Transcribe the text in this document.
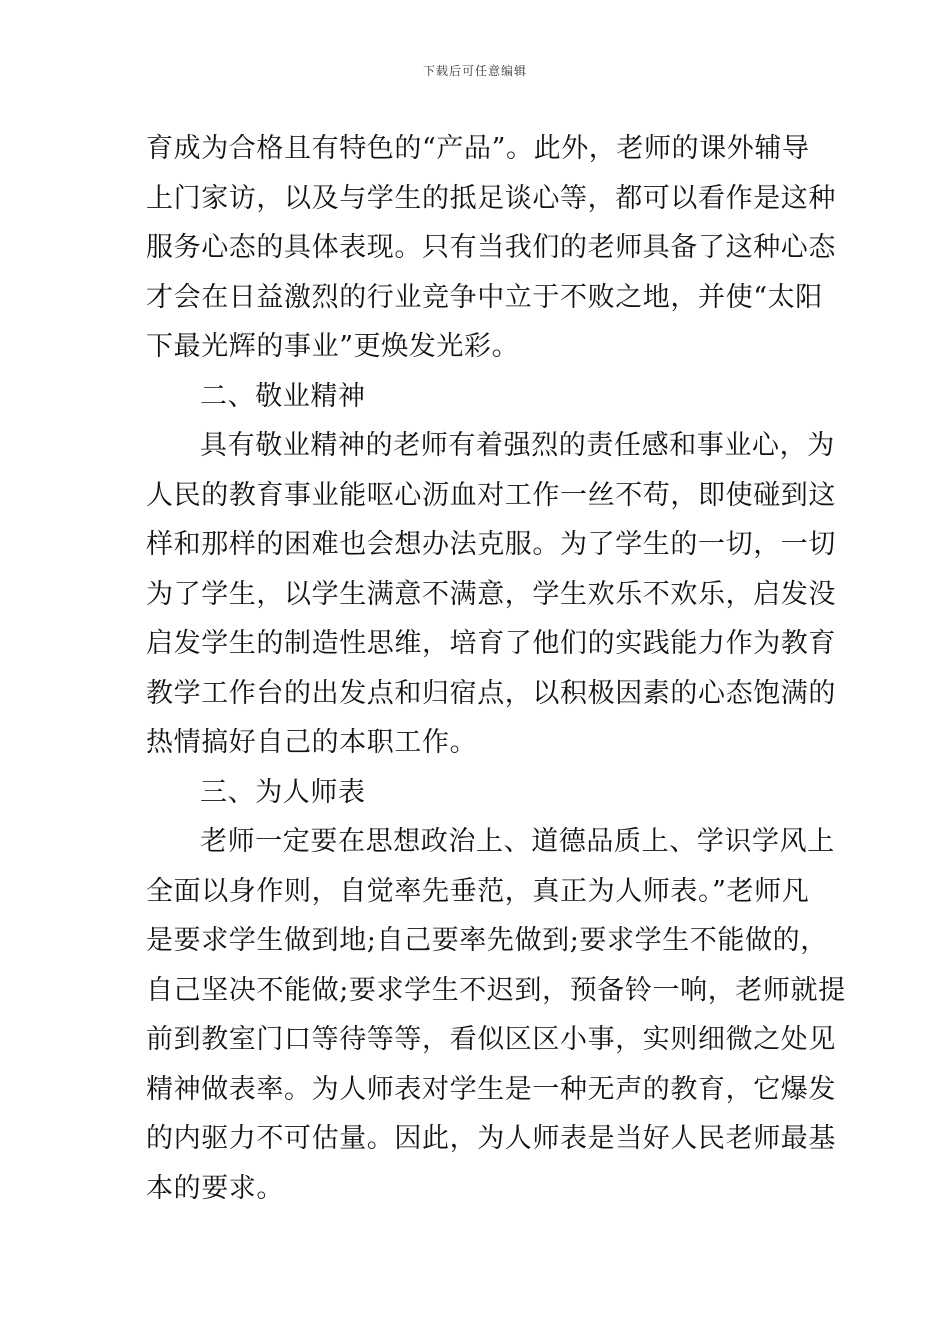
下载后可任意编辑
育成为合格且有特色的“产品”。此外，老师的课外辅导
上门家访，以及与学生的抵足谈心等，都可以看作是这种
服务心态的具体表现。只有当我们的老师具备了这种心态
才会在日益激烈的行业竞争中立于不败之地，并使“太阳
下最光辉的事业”更焕发光彩。
二、敬业精神
具有敬业精神的老师有着强烈的责任感和事业心，为
人民的教育事业能呕心沥血对工作一丝不苟，即使碰到这
样和那样的困难也会想办法克服。为了学生的一切，一切
为了学生，以学生满意不满意，学生欢乐不欢乐，启发没
启发学生的制造性思维，培育了他们的实践能力作为教育
教学工作台的出发点和归宿点，以积极因素的心态饱满的
热情搞好自己的本职工作。
三、为人师表
老师一定要在思想政治上、道德品质上、学识学风上
全面以身作则，自觉率先垂范，真正为人师表。”老师凡
是要求学生做到地;自己要率先做到;要求学生不能做的，
自己坚决不能做;要求学生不迟到，预备铃一响，老师就提
前到教室门口等待等等，看似区区小事，实则细微之处见
精神做表率。为人师表对学生是一种无声的教育，它爆发
的内驱力不可估量。因此，为人师表是当好人民老师最基
本的要求。
